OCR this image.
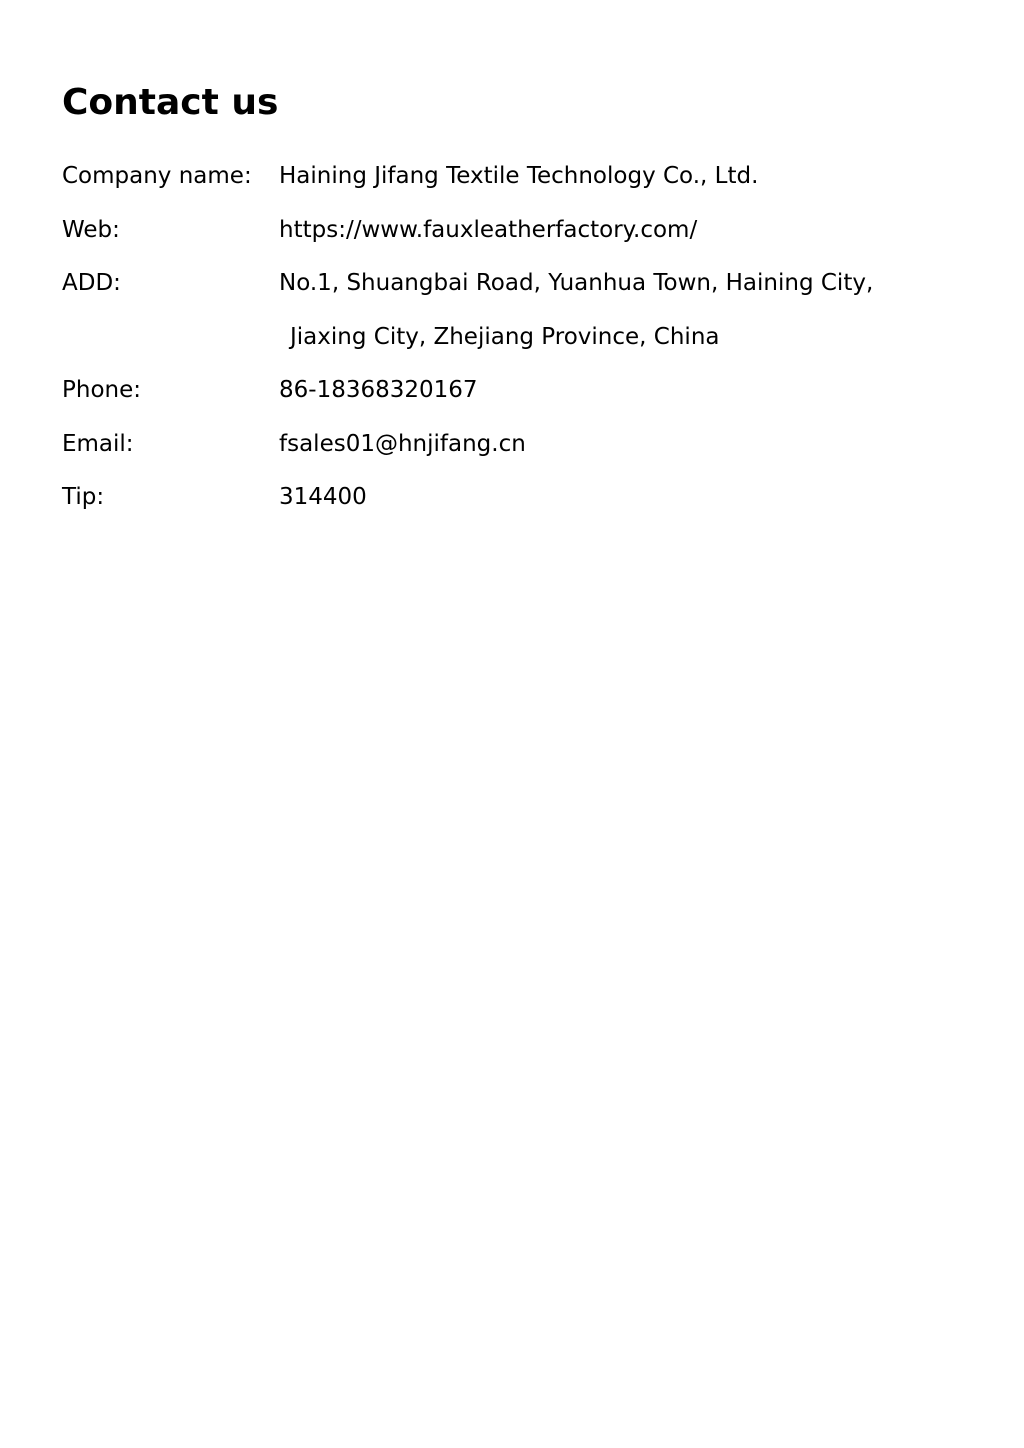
Contact us
Company name:	Haining Jifang Textile Technology Co., Ltd.
Web:	https://www.fauxleatherfactory.com/
ADD:	No.1, Shuangbai Road, Yuanhua Town, Haining City,
Jiaxing City, Zhejiang Province, China
Phone:	86-18368320167
Email:	fsales01@hnjifang.cn
Tip:	314400
